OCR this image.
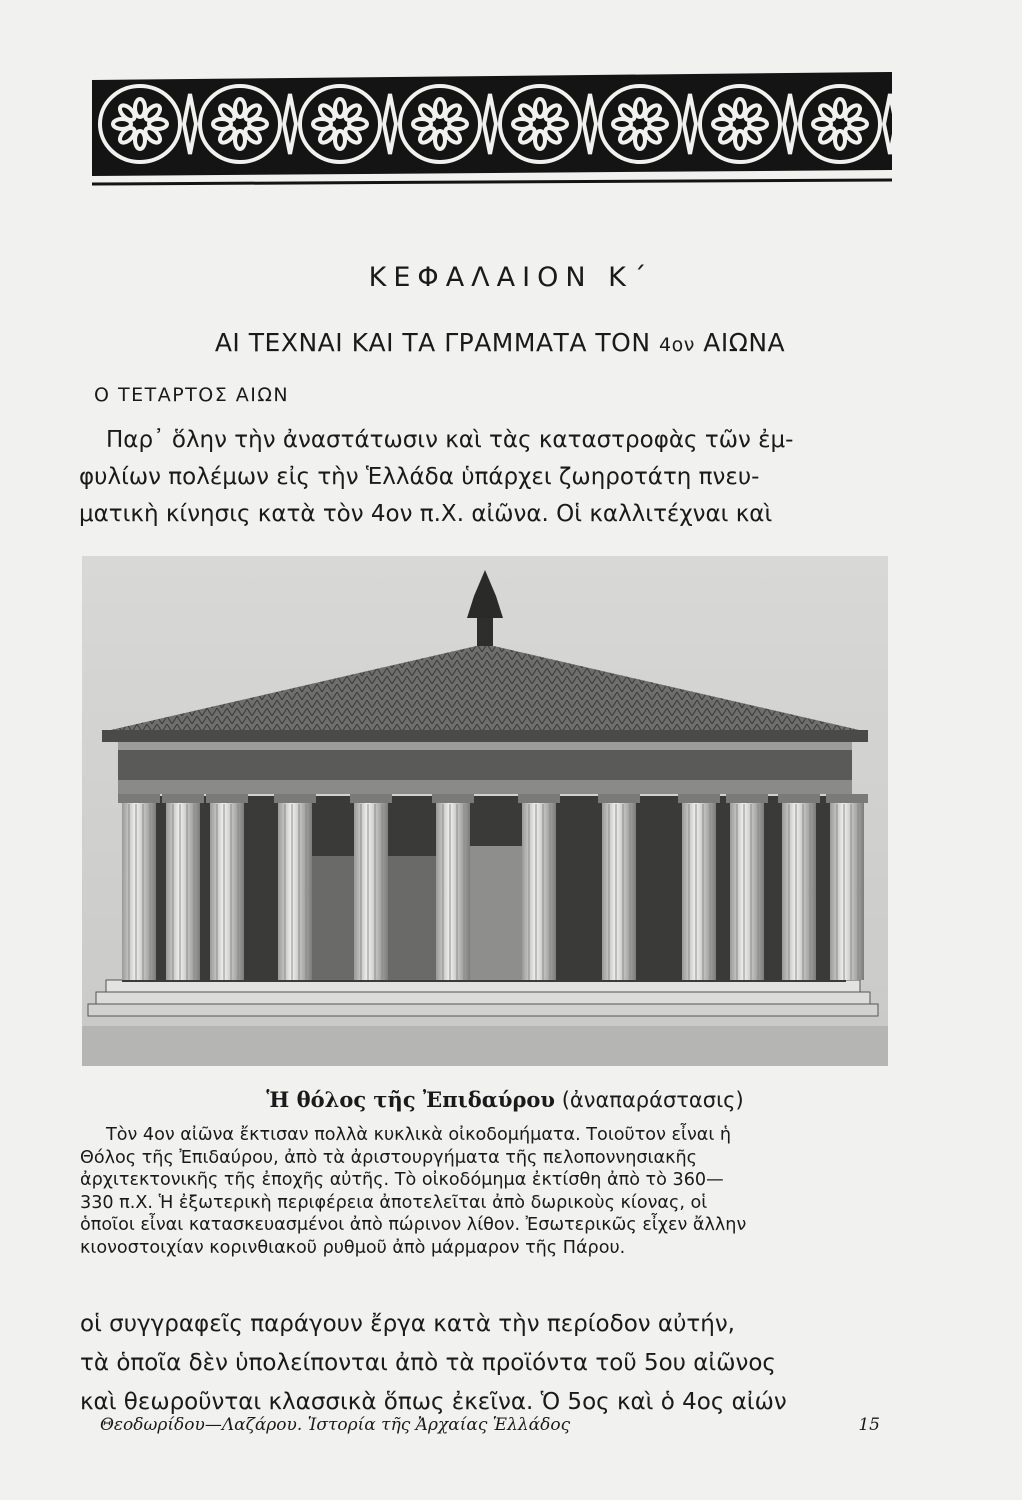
ΚΕΦΑΛΑΙΟΝ Κ΄
ΑΙ ΤΕΧΝΑΙ ΚΑΙ ΤΑ ΓΡΑΜΜΑΤΑ ΤΟΝ 4ον ΑΙΩΝΑ
Ο ΤΕΤΑΡΤΟΣ ΑΙΩΝ
Παρ᾽ ὅλην τὴν ἀναστάτωσιν καὶ τὰς καταστροφὰς τῶν ἐμ-
φυλίων πολέμων εἰς τὴν Ἑλλάδα ὑπάρχει ζωηροτάτη πνευ-
ματικὴ κίνησις κατὰ τὸν 4ον π.Χ. αἰῶνα. Οἱ καλλιτέχναι καὶ
Ἡ θόλος τῆς Ἐπιδαύρου (ἀναπαράστασις)
Τὸν 4ον αἰῶνα ἔκτισαν πολλὰ κυκλικὰ οἰκοδομήματα. Τοιοῦτον εἶναι ἡ
Θόλος τῆς Ἐπιδαύρου, ἀπὸ τὰ ἀριστουργήματα τῆς πελοποννησιακῆς
ἀρχιτεκτονικῆς τῆς ἐποχῆς αὐτῆς. Τὸ οἰκοδόμημα ἐκτίσθη ἀπὸ τὸ 360—
330 π.Χ. Ἡ ἐξωτερικὴ περιφέρεια ἀποτελεῖται ἀπὸ δωρικοὺς κίονας, οἱ
ὁποῖοι εἶναι κατασκευασμένοι ἀπὸ πώρινον λίθον. Ἐσωτερικῶς εἶχεν ἄλλην
κιονοστοιχίαν κορινθιακοῦ ρυθμοῦ ἀπὸ μάρμαρον τῆς Πάρου.
οἱ συγγραφεῖς παράγουν ἔργα κατὰ τὴν περίοδον αὐτήν,
τὰ ὁποῖα δὲν ὑπολείπονται ἀπὸ τὰ προϊόντα τοῦ 5ου αἰῶνος
καὶ θεωροῦνται κλασσικὰ ὅπως ἐκεῖνα. Ὁ 5ος καὶ ὁ 4ος αἰών
Θεοδωρίδου—Λαζάρου. Ἱστορία τῆς Ἀρχαίας Ἑλλάδος	15
